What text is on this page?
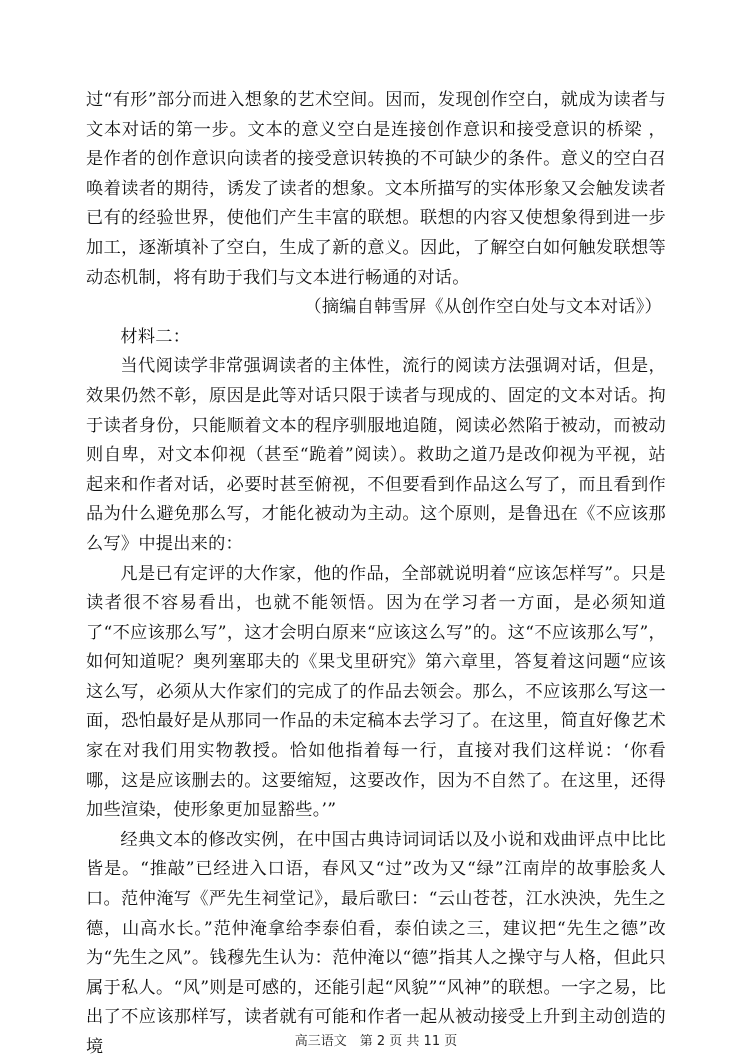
过“有形”部分而进入想象的艺术空间。因而，发现创作空白，就成为读者与文本对话的第一步。文本的意义空白是连接创作意识和接受意识的桥梁 ，是作者的创作意识向读者的接受意识转换的不可缺少的条件。意义的空白召唤着读者的期待，诱发了读者的想象。文本所描写的实体形象又会触发读者已有的经验世界，使他们产生丰富的联想。联想的内容又使想象得到进一步加工，逐渐填补了空白，生成了新的意义。因此，了解空白如何触发联想等动态机制，将有助于我们与文本进行畅通的对话。

（摘编自韩雪屏《从创作空白处与文本对话》）

材料二：

当代阅读学非常强调读者的主体性，流行的阅读方法强调对话，但是，效果仍然不彰，原因是此等对话只限于读者与现成的、固定的文本对话。拘于读者身份，只能顺着文本的程序驯服地追随，阅读必然陷于被动，而被动则自卑，对文本仰视（甚至“跪着”阅读）。救助之道乃是改仰视为平视，站起来和作者对话，必要时甚至俯视，不但要看到作品这么写了，而且看到作品为什么避免那么写，才能化被动为主动。这个原则，是鲁迅在《不应该那么写》中提出来的：

凡是已有定评的大作家，他的作品，全部就说明着“应该怎样写”。只是读者很不容易看出，也就不能领悟。因为在学习者一方面，是必须知道了“不应该那么写”，这才会明白原来“应该这么写”的。这“不应该那么写”，如何知道呢？奥列塞耶夫的《果戈里研究》第六章里，答复着这问题“应该这么写，必须从大作家们的完成了的作品去领会。那么，不应该那么写这一面，恐怕最好是从那同一作品的未定稿本去学习了。在这里，简直好像艺术家在对我们用实物教授。恰如他指着每一行，直接对我们这样说：‘你看哪，这是应该删去的。这要缩短，这要改作，因为不自然了。在这里，还得加些渲染，使形象更加显豁些。’”

经典文本的修改实例，在中国古典诗词词话以及小说和戏曲评点中比比皆是。“推敲”已经进入口语，春风又“过”改为又“绿”江南岸的故事脍炙人口。范仲淹写《严先生祠堂记》，最后歌曰：“云山苍苍，江水泱泱，先生之德，山高水长。”范仲淹拿给李泰伯看，泰伯读之三，建议把“先生之德”改为“先生之风”。钱穆先生认为：范仲淹以“德”指其人之操守与人格，但此只属于私人。“风”则是可感的，还能引起“风貌”“风神”的联想。一字之易，比出了不应该那样写，读者就有可能和作者一起从被动接受上升到主动创造的境	高三语文　第 2 页 共 11 页
